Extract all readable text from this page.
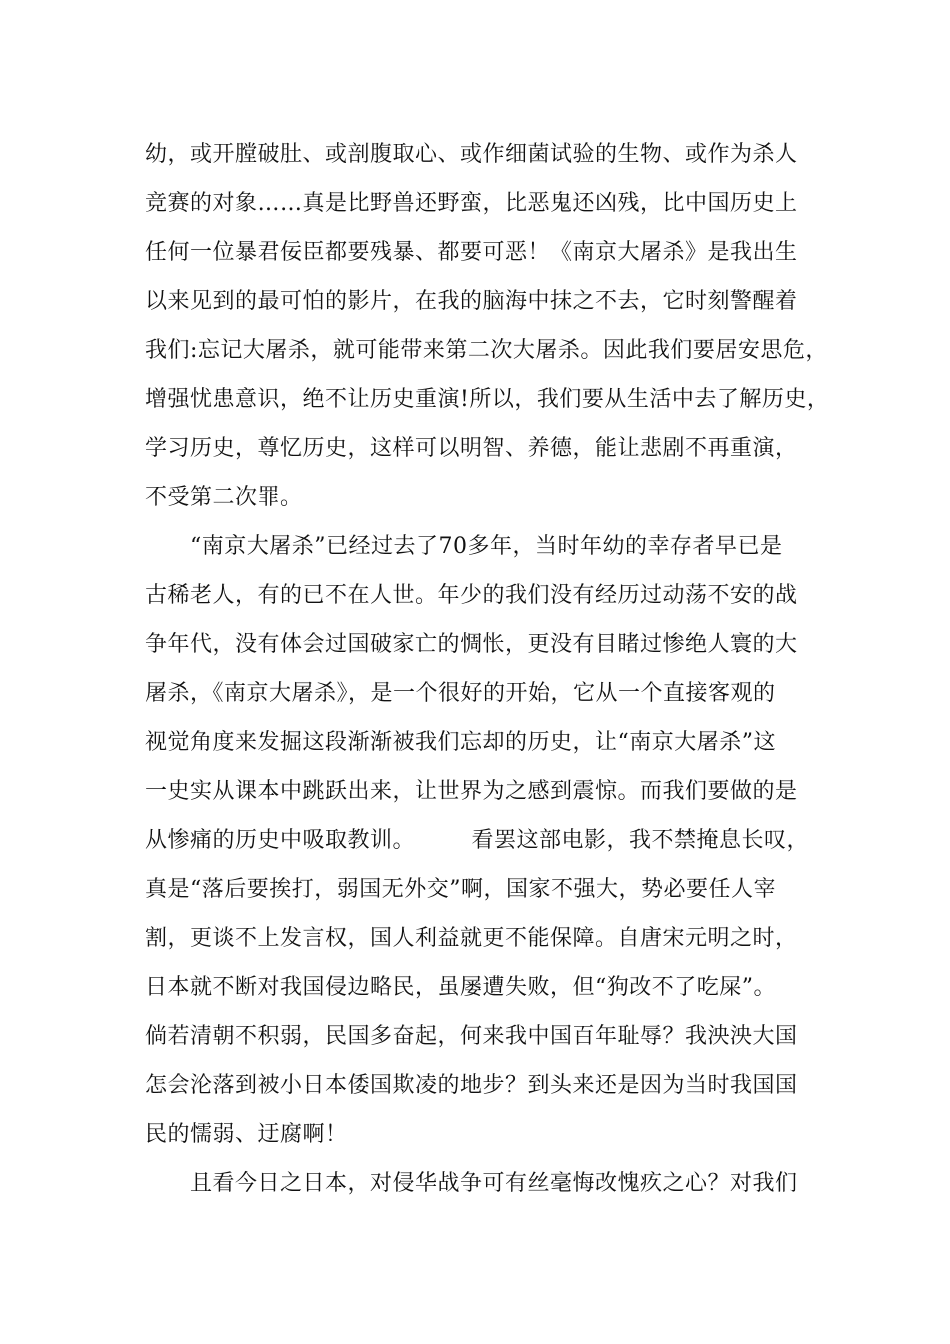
幼，或开膛破肚、或剖腹取心、或作细菌试验的生物、或作为杀人
竞赛的对象……真是比野兽还野蛮，比恶鬼还凶残，比中国历史上
任何一位暴君佞臣都要残暴、都要可恶！《南京大屠杀》是我出生
以来见到的最可怕的影片，在我的脑海中抹之不去，它时刻警醒着
我们:忘记大屠杀，就可能带来第二次大屠杀。因此我们要居安思危，
增强忧患意识，绝不让历史重演!所以，我们要从生活中去了解历史，
学习历史，尊忆历史，这样可以明智、养德，能让悲剧不再重演，
不受第二次罪。
　　“南京大屠杀”已经过去了70多年，当时年幼的幸存者早已是
古稀老人，有的已不在人世。年少的我们没有经历过动荡不安的战
争年代，没有体会过国破家亡的惆怅，更没有目睹过惨绝人寰的大
屠杀，《南京大屠杀》，是一个很好的开始，它从一个直接客观的
视觉角度来发掘这段渐渐被我们忘却的历史，让“南京大屠杀”这
一史实从课本中跳跃出来，让世界为之感到震惊。而我们要做的是
从惨痛的历史中吸取教训。　　　看罢这部电影，我不禁掩息长叹，
真是“落后要挨打，弱国无外交”啊，国家不强大，势必要任人宰
割，更谈不上发言权，国人利益就更不能保障。自唐宋元明之时，
日本就不断对我国侵边略民，虽屡遭失败，但“狗改不了吃屎”。
倘若清朝不积弱，民国多奋起，何来我中国百年耻辱？我泱泱大国
怎会沦落到被小日本倭国欺凌的地步？到头来还是因为当时我国国
民的懦弱、迂腐啊！
　　且看今日之日本，对侵华战争可有丝毫悔改愧疚之心？对我们
